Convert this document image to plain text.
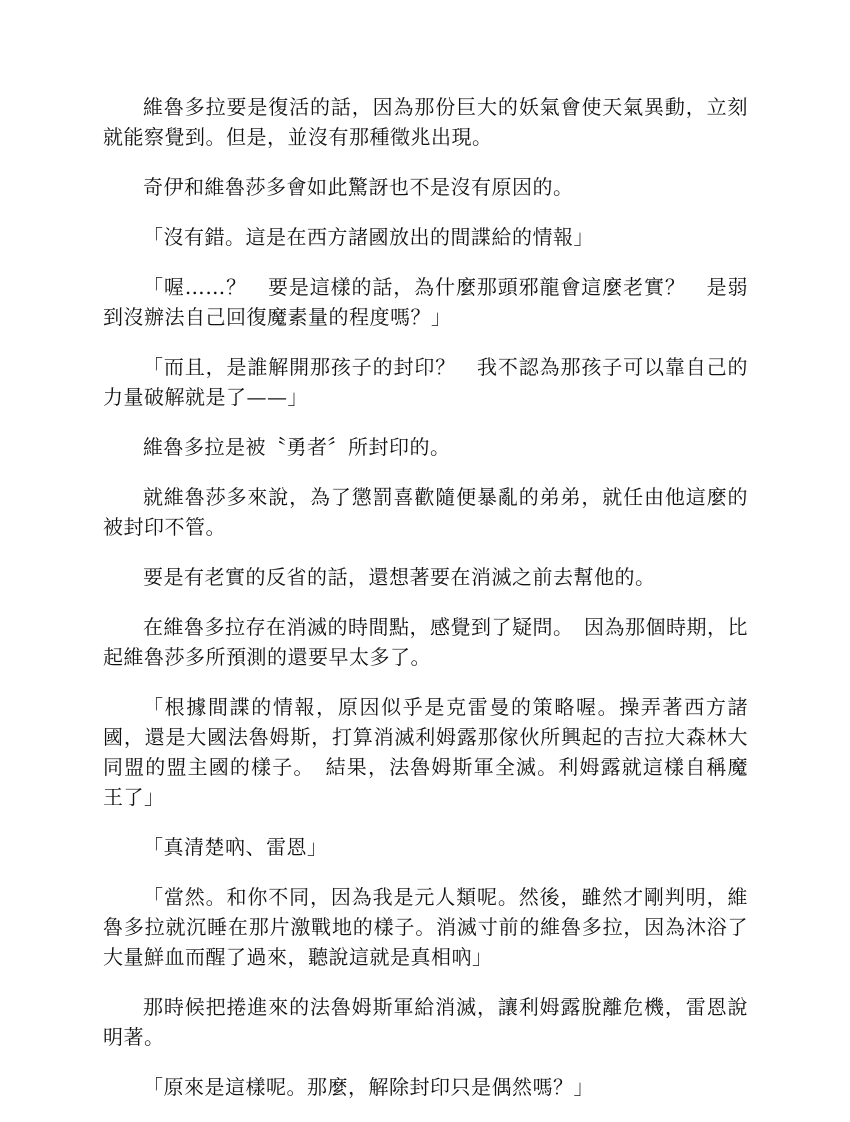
維魯多拉要是復活的話，因為那份巨大的妖氣會使天氣異動，立刻就能察覺到。但是，並沒有那種徵兆出現。

奇伊和維魯莎多會如此驚訝也不是沒有原因的。

「沒有錯。這是在西方諸國放出的間諜給的情報」

「喔……？　要是這樣的話，為什麼那頭邪龍會這麼老實？　是弱到沒辦法自己回復魔素量的程度嗎？」

「而且，是誰解開那孩子的封印？　我不認為那孩子可以靠自己的力量破解就是了——」

維魯多拉是被〝勇者〞所封印的。

就維魯莎多來說，為了懲罰喜歡隨便暴亂的弟弟，就任由他這麼的被封印不管。

要是有老實的反省的話，還想著要在消滅之前去幫他的。

在維魯多拉存在消滅的時間點，感覺到了疑問。　因為那個時期，比起維魯莎多所預測的還要早太多了。

「根據間諜的情報，原因似乎是克雷曼的策略喔。操弄著西方諸國，還是大國法魯姆斯，打算消滅利姆露那傢伙所興起的吉拉大森林大同盟的盟主國的樣子。　結果，法魯姆斯軍全滅。利姆露就這樣自稱魔王了」

「真清楚吶、雷恩」

「當然。和你不同，因為我是元人類呢。然後，雖然才剛判明，維魯多拉就沉睡在那片激戰地的樣子。消滅寸前的維魯多拉，因為沐浴了大量鮮血而醒了過來，聽說這就是真相吶」

那時候把捲進來的法魯姆斯軍給消滅，讓利姆露脫離危機，雷恩說明著。

「原來是這樣呢。那麼，解除封印只是偶然嗎？」
